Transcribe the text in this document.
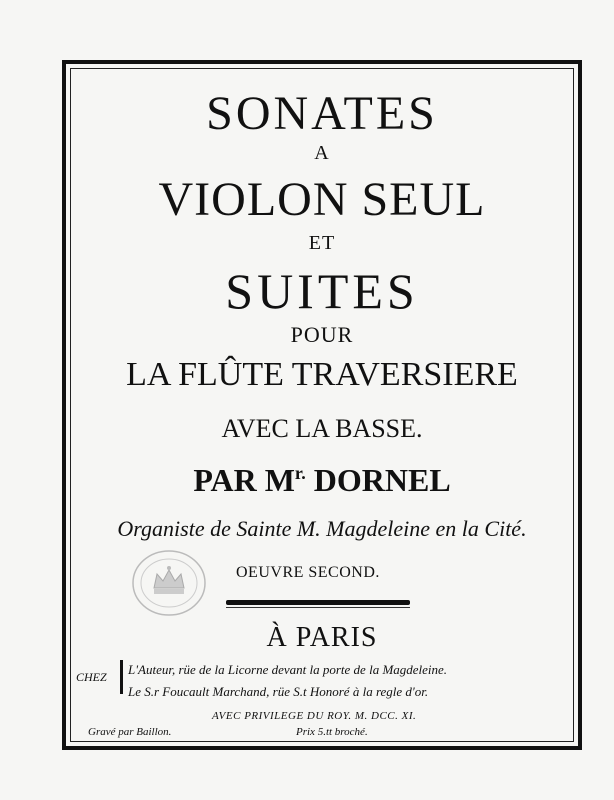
SONATES
A
VIOLON SEUL
ET
SUITES
POUR
LA FLÛTE TRAVERSIERE
AVEC LA BASSE.
PAR $M^{r.}$ DORNEL
Organiste de Sainte M. Magdeleine en la Cité.
OEUVRE SECOND.
À PARIS
CHEZ L'Auteur, rüe de la Licorne devant la porte de la Magdeleine.
Le S.r Foucault Marchand, rüe S.t Honoré à la regle d'or.
AVEC PRIVILEGE DU ROY. M. DCC. XI.
Gravé par Baillon.	Prix 5.tt broché.
